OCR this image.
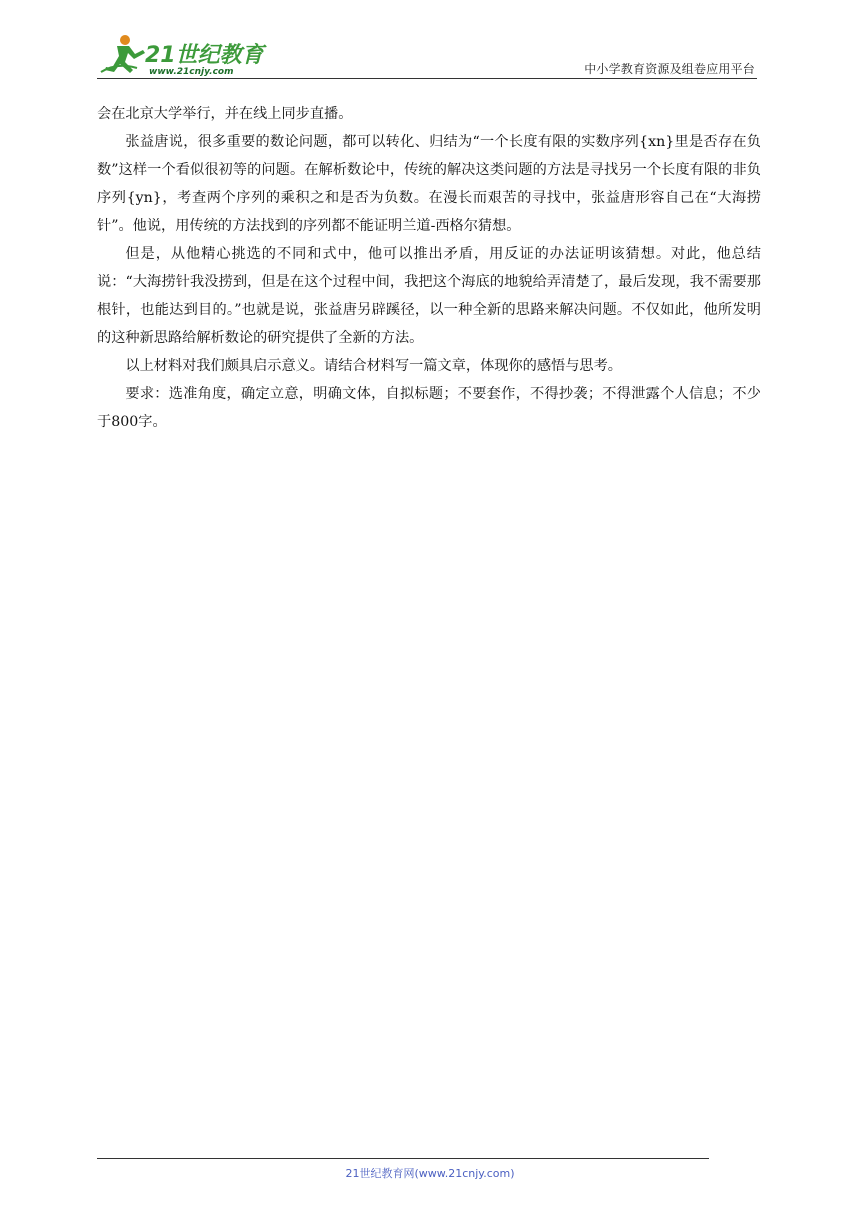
21世纪教育
www.21cnjy.com	中小学教育资源及组卷应用平台

会在北京大学举行，并在线上同步直播。

张益唐说，很多重要的数论问题，都可以转化、归结为“一个长度有限的实数序列{xn}里是否存在负数”这样一个看似很初等的问题。在解析数论中，传统的解决这类问题的方法是寻找另一个长度有限的非负序列{yn}，考查两个序列的乘积之和是否为负数。在漫长而艰苦的寻找中，张益唐形容自己在“大海捞针”。他说，用传统的方法找到的序列都不能证明兰道-西格尔猜想。

但是，从他精心挑选的不同和式中，他可以推出矛盾，用反证的办法证明该猜想。对此，他总结说：“大海捞针我没捞到，但是在这个过程中间，我把这个海底的地貌给弄清楚了，最后发现，我不需要那根针，也能达到目的。”也就是说，张益唐另辟蹊径，以一种全新的思路来解决问题。不仅如此，他所发明的这种新思路给解析数论的研究提供了全新的方法。

以上材料对我们颇具启示意义。请结合材料写一篇文章，体现你的感悟与思考。

要求：选准角度，确定立意，明确文体，自拟标题；不要套作，不得抄袭；不得泄露个人信息；不少于800字。

21世纪教育网(www.21cnjy.com)
